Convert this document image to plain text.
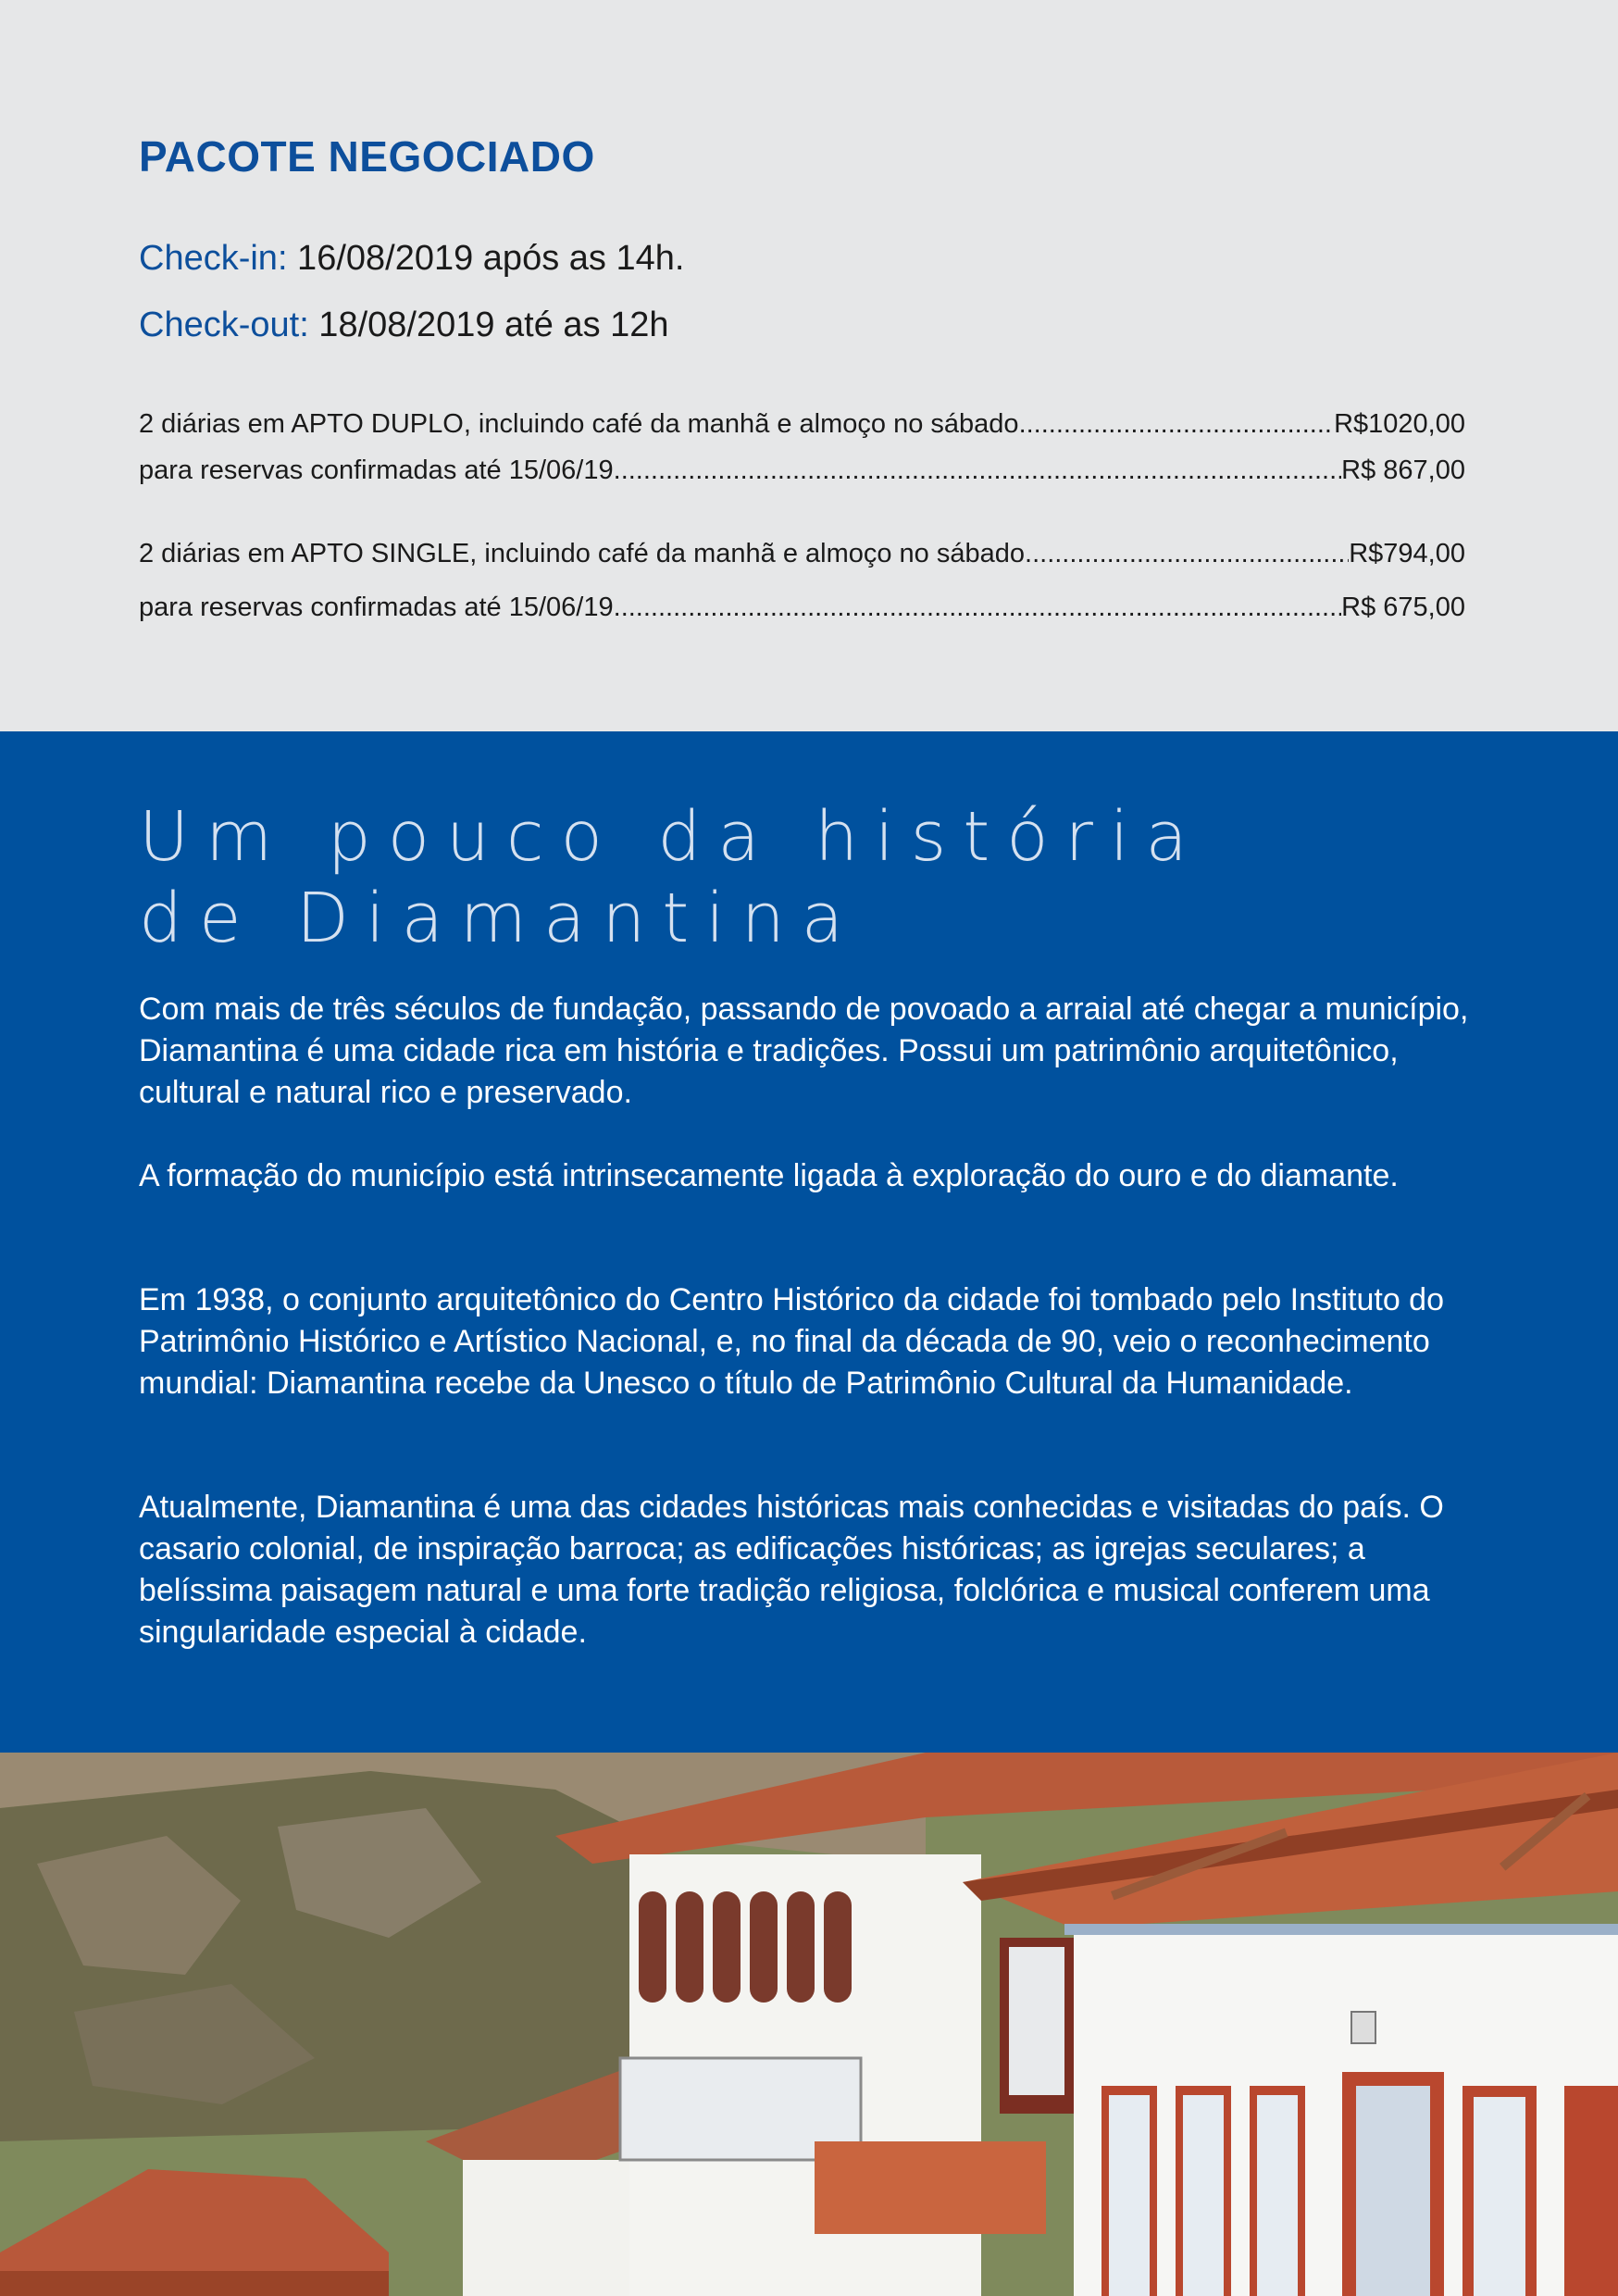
PACOTE NEGOCIADO
Check-in: 16/08/2019 após as 14h.
Check-out: 18/08/2019 até as 12h
2 diárias em APTO DUPLO, incluindo café da manhã e almoço no sábado .....	R$1020,00
para reservas confirmadas até 15/06/19. .....	R$ 867,00
2 diárias em APTO SINGLE, incluindo café da manhã e almoço no sábado. .....	R$794,00
para reservas confirmadas até 15/06/19. .....	R$ 675,00
Um pouco da história
de Diamantina

Com mais de três séculos de fundação, passando de povoado a arraial até chegar a município, Diamantina é uma cidade rica em história e tradições. Possui um patrimônio arquitetônico, cultural e natural rico e preservado.

A formação do município está intrinsecamente ligada à exploração do ouro e do diamante.

Em 1938, o conjunto arquitetônico do Centro Histórico da cidade foi tombado pelo Instituto do Patrimônio Histórico e Artístico Nacional, e, no final da década de 90, veio o reconhecimento mundial: Diamantina recebe da Unesco o título de Patrimônio Cultural da Humanidade.

Atualmente, Diamantina é uma das cidades históricas mais conhecidas e visitadas do país. O casario colonial, de inspiração barroca; as edificações históricas; as igrejas seculares; a belíssima paisagem natural e uma forte tradição religiosa, folclórica e musical conferem uma singularidade especial à cidade.
